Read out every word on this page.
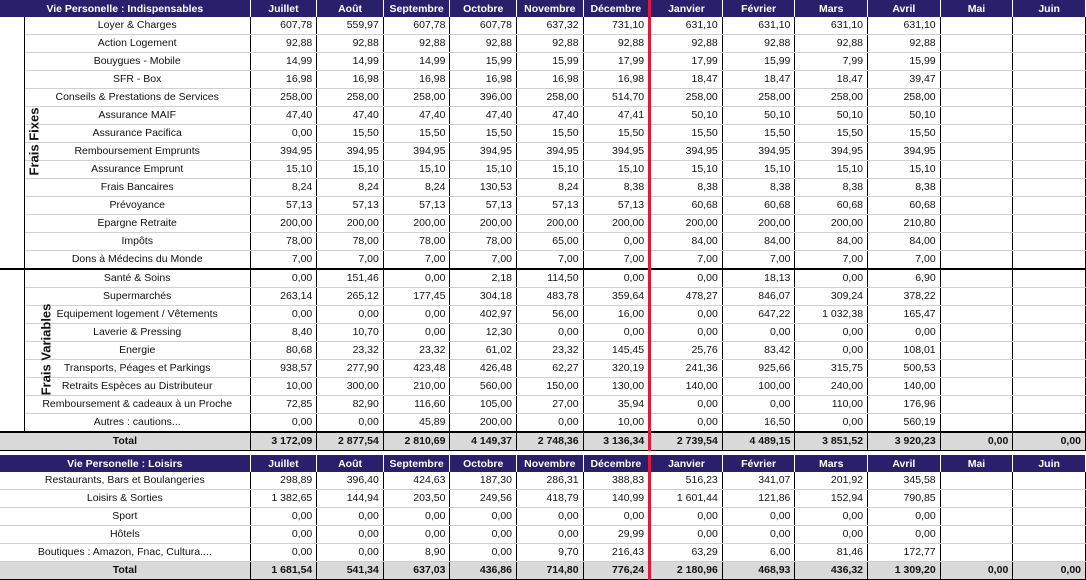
Vie Personelle : Indispensables		Juillet	Août	Septembre	Octobre	Novembre	Décembre	Janvier	Février	Mars	Avril	Mai	Juin
Frais Fixes	Loyer & Charges	607,78	559,97	607,78	607,78	637,32	731,10	631,10	631,10	631,10	631,10		
	Action Logement	92,88	92,88	92,88	92,88	92,88	92,88	92,88	92,88	92,88	92,88		
	Bouygues - Mobile	14,99	14,99	14,99	15,99	15,99	17,99	17,99	15,99	7,99	15,99		
	SFR - Box	16,98	16,98	16,98	16,98	16,98	16,98	18,47	18,47	18,47	39,47		
	Conseils & Prestations de Services	258,00	258,00	258,00	396,00	258,00	514,70	258,00	258,00	258,00	258,00		
	Assurance MAIF	47,40	47,40	47,40	47,40	47,40	47,41	50,10	50,10	50,10	50,10		
	Assurance Pacifica	0,00	15,50	15,50	15,50	15,50	15,50	15,50	15,50	15,50	15,50		
	Remboursement Emprunts	394,95	394,95	394,95	394,95	394,95	394,95	394,95	394,95	394,95	394,95		
	Assurance Emprunt	15,10	15,10	15,10	15,10	15,10	15,10	15,10	15,10	15,10	15,10		
	Frais Bancaires	8,24	8,24	8,24	130,53	8,24	8,38	8,38	8,38	8,38	8,38		
	Prévoyance	57,13	57,13	57,13	57,13	57,13	57,13	60,68	60,68	60,68	60,68		
	Epargne Retraite	200,00	200,00	200,00	200,00	200,00	200,00	200,00	200,00	200,00	210,80		
	Impôts	78,00	78,00	78,00	78,00	65,00	0,00	84,00	84,00	84,00	84,00		
	Dons à Médecins du Monde	7,00	7,00	7,00	7,00	7,00	7,00	7,00	7,00	7,00	7,00		
Frais Variables	Santé & Soins	0,00	151,46	0,00	2,18	114,50	0,00	0,00	18,13	0,00	6,90		
	Supermarchés	263,14	265,12	177,45	304,18	483,78	359,64	478,27	846,07	309,24	378,22		
	Equipement logement / Vêtements	0,00	0,00	0,00	402,97	56,00	16,00	0,00	647,22	1 032,38	165,47		
	Laverie & Pressing	8,40	10,70	0,00	12,30	0,00	0,00	0,00	0,00	0,00	0,00		
	Energie	80,68	23,32	23,32	61,02	23,32	145,45	25,76	83,42	0,00	108,01		
	Transports, Péages et Parkings	938,57	277,90	423,48	426,48	62,27	320,19	241,36	925,66	315,75	500,53		
	Retraits Espèces au Distributeur	10,00	300,00	210,00	560,00	150,00	130,00	140,00	100,00	240,00	140,00		
	Remboursement & cadeaux à un Proche	72,85	82,90	116,60	105,00	27,00	35,94	0,00	0,00	110,00	176,96		
	Autres : cautions...	0,00	0,00	45,89	200,00	0,00	10,00	0,00	16,50	0,00	560,19		
Total		3 172,09	2 877,54	2 810,69	4 149,37	2 748,36	3 136,34	2 739,54	4 489,15	3 851,52	3 920,23	0,00	0,00
Vie Personelle : Loisirs	Juillet	Août	Septembre	Octobre	Novembre	Décembre	Janvier	Février	Mars	Avril	Mai	Juin
Restaurants, Bars et Boulangeries	298,89	396,40	424,63	187,30	286,31	388,83	516,23	341,07	201,92	345,58		
Loisirs & Sorties	1 382,65	144,94	203,50	249,56	418,79	140,99	1 601,44	121,86	152,94	790,85		
Sport	0,00	0,00	0,00	0,00	0,00	0,00	0,00	0,00	0,00	0,00		
Hôtels	0,00	0,00	0,00	0,00	0,00	29,99	0,00	0,00	0,00	0,00		
Boutiques : Amazon, Fnac, Cultura....	0,00	0,00	8,90	0,00	9,70	216,43	63,29	6,00	81,46	172,77		
Total	1 681,54	541,34	637,03	436,86	714,80	776,24	2 180,96	468,93	436,32	1 309,20	0,00	0,00
